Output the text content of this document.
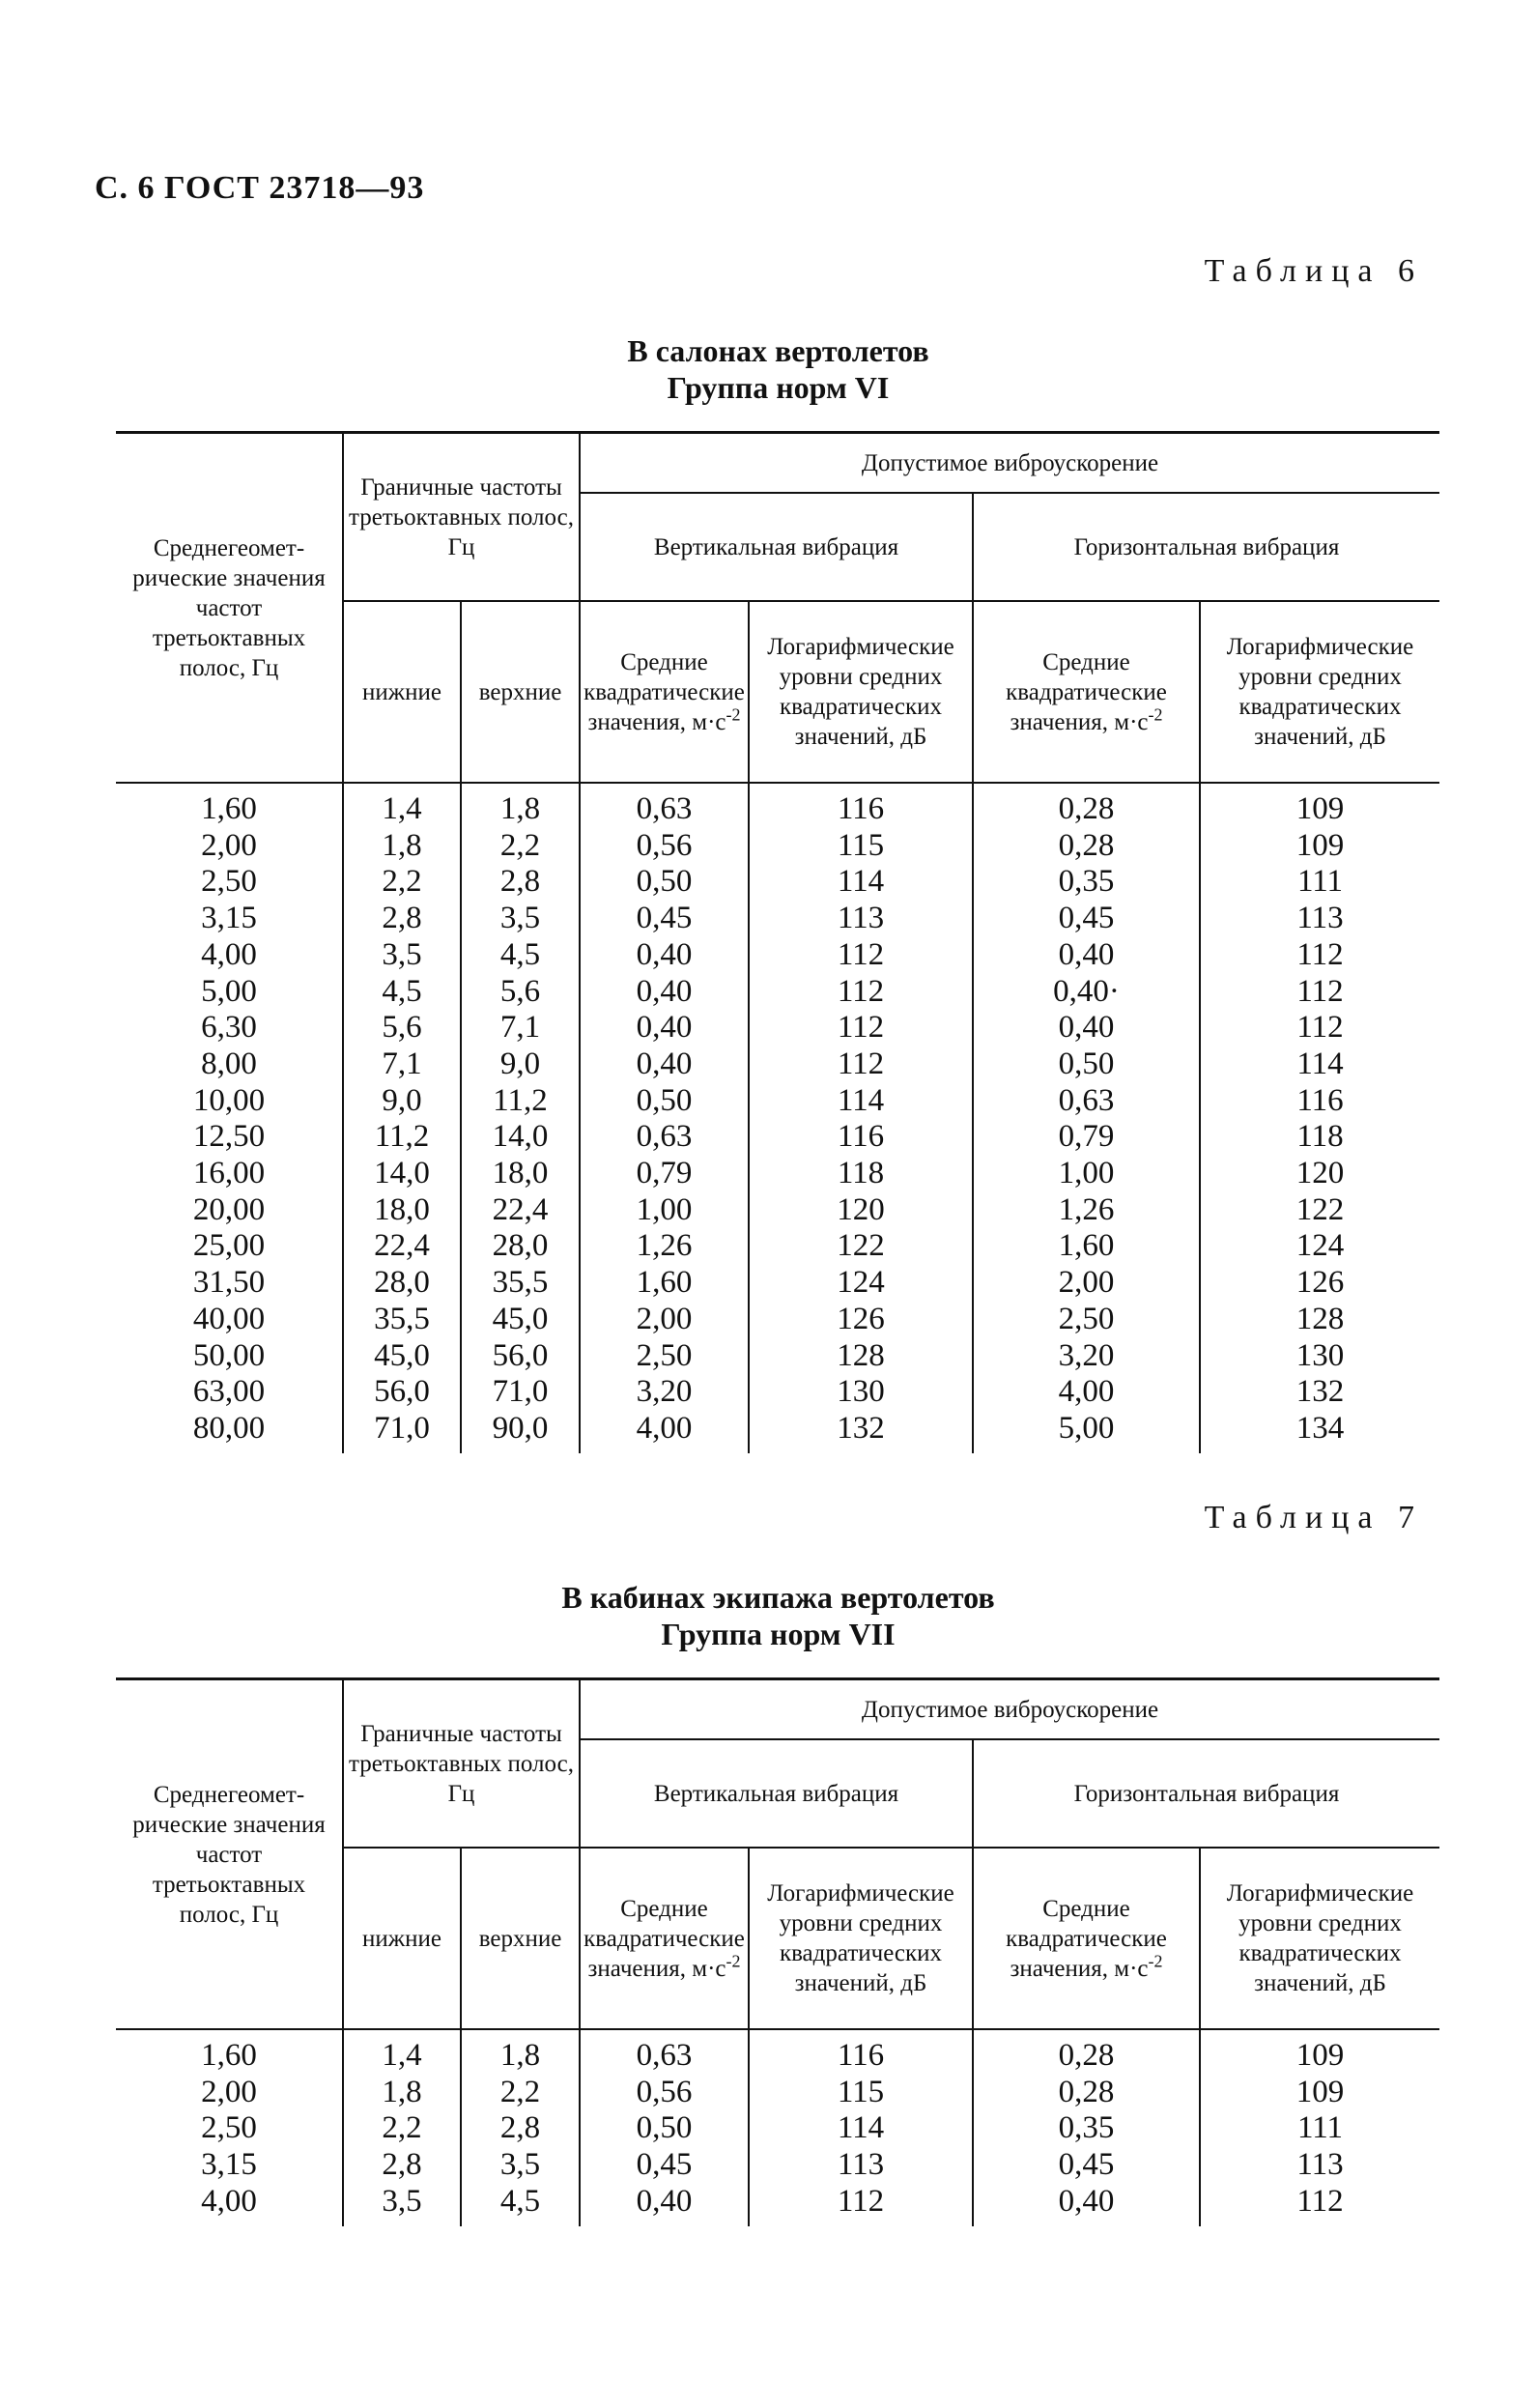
С. 6 ГОСТ 23718—93
Таблица 6
В салонах вертолетов
Группа норм VI
Среднегеометрические значения частот третьоктавных полос, Гц	Граничные частоты третьоктавных полос, Гц		Допустимое виброускорение			
			Вертикальная вибрация		Горизонтальная вибрация	
	нижние	верхние	Средние квадратические значения, $м\cdot с^{-2}$	Логарифмические уровни средних квадратических значений, дБ	Средние квадратические значения, $м\cdot с^{-2}$	Логарифмические уровни средних квадратических значений, дБ
1,60	1,4	1,8	0,63	116	0,28	109
2,00	1,8	2,2	0,56	115	0,28	109
2,50	2,2	2,8	0,50	114	0,35	111
3,15	2,8	3,5	0,45	113	0,45	113
4,00	3,5	4,5	0,40	112	0,40	112
5,00	4,5	5,6	0,40	112	0,40·	112
6,30	5,6	7,1	0,40	112	0,40	112
8,00	7,1	9,0	0,40	112	0,50	114
10,00	9,0	11,2	0,50	114	0,63	116
12,50	11,2	14,0	0,63	116	0,79	118
16,00	14,0	18,0	0,79	118	1,00	120
20,00	18,0	22,4	1,00	120	1,26	122
25,00	22,4	28,0	1,26	122	1,60	124
31,50	28,0	35,5	1,60	124	2,00	126
40,00	35,5	45,0	2,00	126	2,50	128
50,00	45,0	56,0	2,50	128	3,20	130
63,00	56,0	71,0	3,20	130	4,00	132
80,00	71,0	90,0	4,00	132	5,00	134
Таблица 7
В кабинах экипажа вертолетов
Группа норм VII
Среднегеометрические значения частот третьоктавных полос, Гц	Граничные частоты третьоктавных полос, Гц		Допустимое виброускорение			
			Вертикальная вибрация		Горизонтальная вибрация	
	нижние	верхние	Средние квадратические значения, $м\cdot с^{-2}$	Логарифмические уровни средних квадратических значений, дБ	Средние квадратические значения, $м\cdot с^{-2}$	Логарифмические уровни средних квадратических значений, дБ
1,60	1,4	1,8	0,63	116	0,28	109
2,00	1,8	2,2	0,56	115	0,28	109
2,50	2,2	2,8	0,50	114	0,35	111
3,15	2,8	3,5	0,45	113	0,45	113
4,00	3,5	4,5	0,40	112	0,40	112
